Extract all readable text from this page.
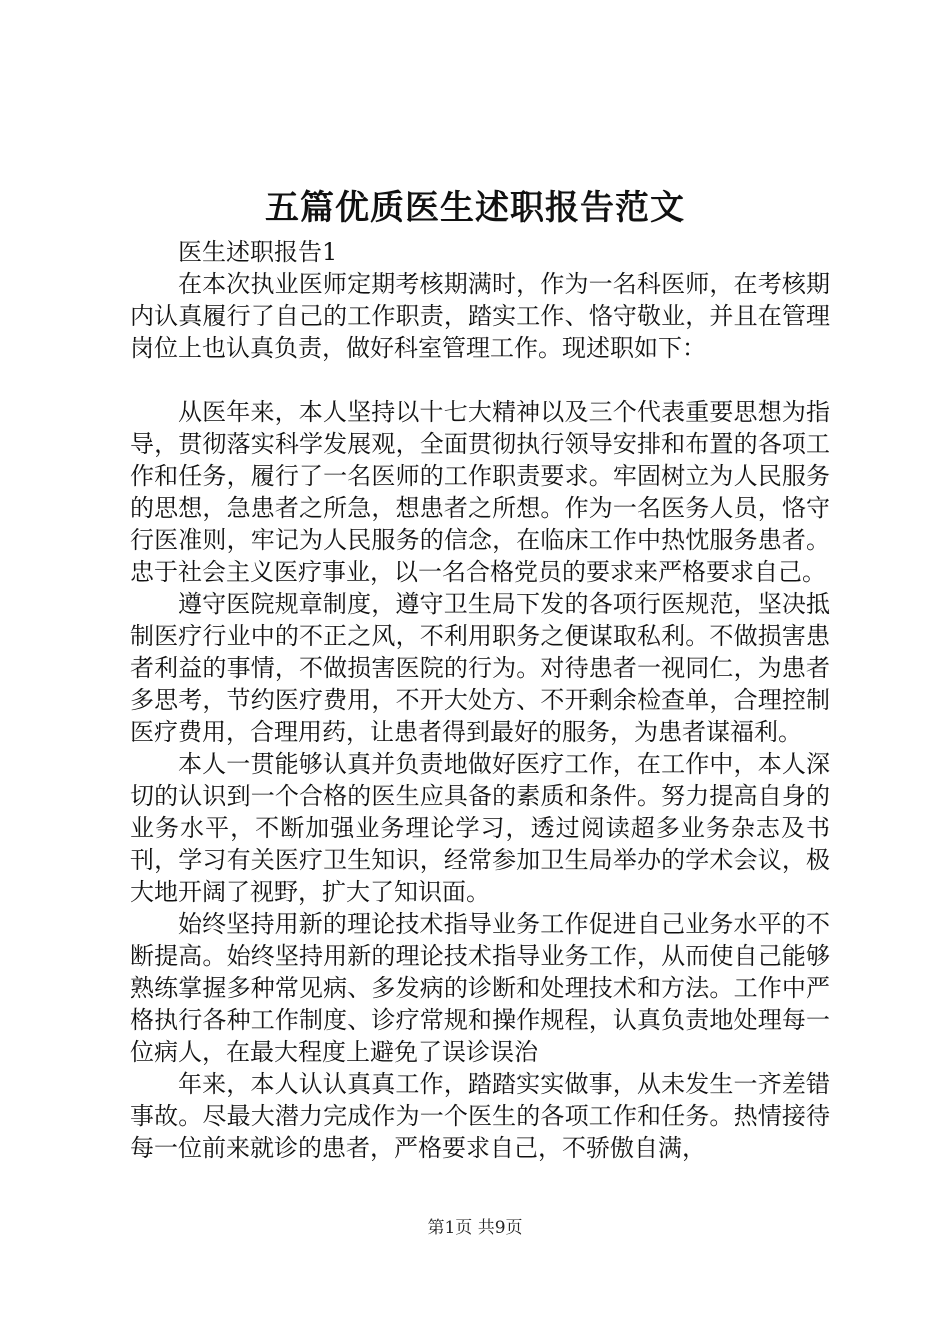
五篇优质医生述职报告范文

医生述职报告1

在本次执业医师定期考核期满时，作为一名科医师，在考核期内认真履行了自己的工作职责，踏实工作、恪守敬业，并且在管理岗位上也认真负责，做好科室管理工作。现述职如下：

从医年来，本人坚持以十七大精神以及三个代表重要思想为指导，贯彻落实科学发展观，全面贯彻执行领导安排和布置的各项工作和任务，履行了一名医师的工作职责要求。牢固树立为人民服务的思想，急患者之所急，想患者之所想。作为一名医务人员，恪守行医准则，牢记为人民服务的信念，在临床工作中热忱服务患者。忠于社会主义医疗事业，以一名合格党员的要求来严格要求自己。

遵守医院规章制度，遵守卫生局下发的各项行医规范，坚决抵制医疗行业中的不正之风，不利用职务之便谋取私利。不做损害患者利益的事情，不做损害医院的行为。对待患者一视同仁，为患者多思考，节约医疗费用，不开大处方、不开剩余检查单，合理控制医疗费用，合理用药，让患者得到最好的服务，为患者谋福利。

本人一贯能够认真并负责地做好医疗工作，在工作中，本人深切的认识到一个合格的医生应具备的素质和条件。努力提高自身的业务水平，不断加强业务理论学习，透过阅读超多业务杂志及书刊，学习有关医疗卫生知识，经常参加卫生局举办的学术会议，极大地开阔了视野，扩大了知识面。

始终坚持用新的理论技术指导业务工作促进自己业务水平的不断提高。始终坚持用新的理论技术指导业务工作，从而使自己能够熟练掌握多种常见病、多发病的诊断和处理技术和方法。工作中严格执行各种工作制度、诊疗常规和操作规程，认真负责地处理每一位病人，在最大程度上避免了误诊误治

年来，本人认认真真工作，踏踏实实做事，从未发生一齐差错事故。尽最大潜力完成作为一个医生的各项工作和任务。热情接待每一位前来就诊的患者，严格要求自己，不骄傲自满，

第1页 共9页
